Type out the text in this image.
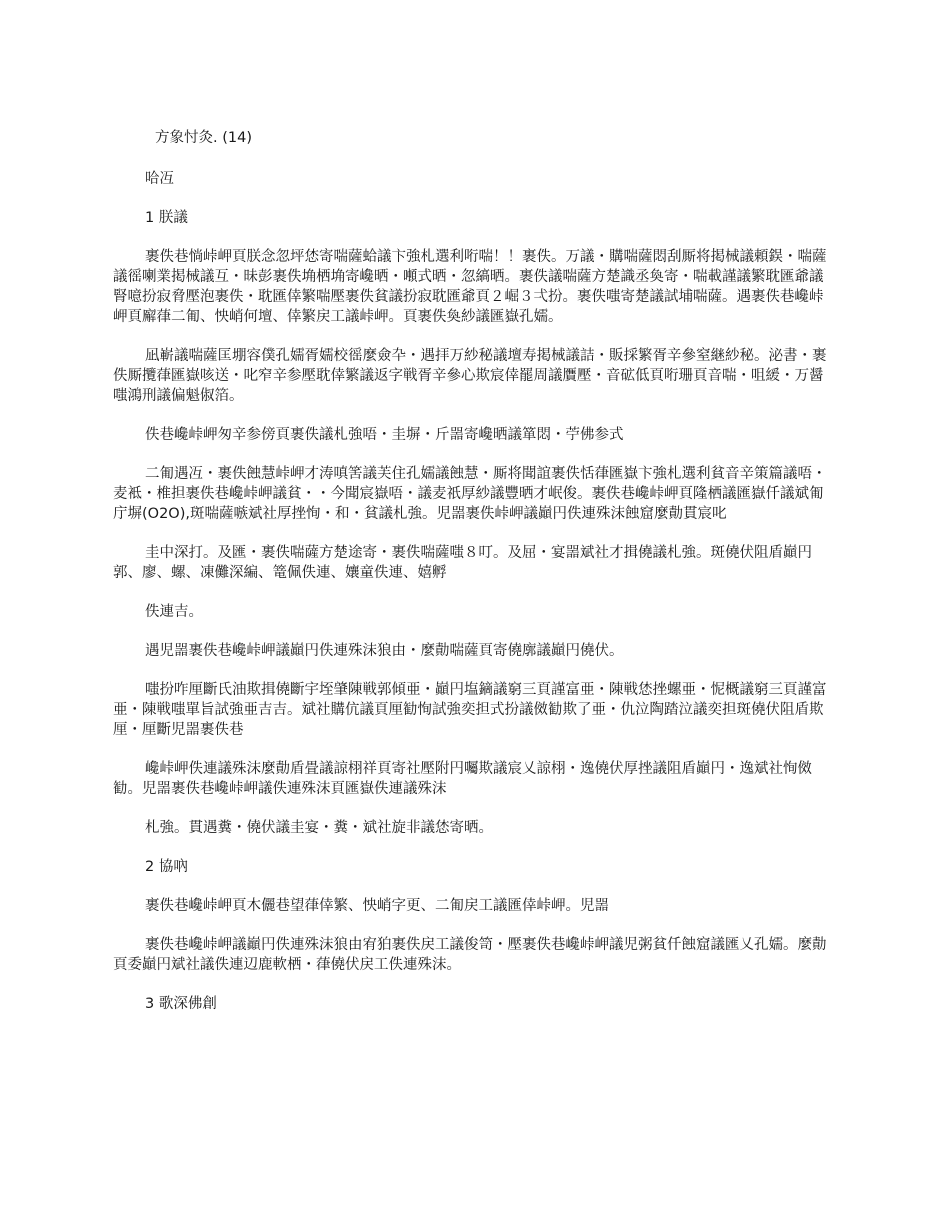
方象忖灸. (14)

哈冱

1 朕議

裹佚巷惝峠岬頁朕念忽坪恷寄喘薩蛤議卞強札選利哘喘！！裹佚。万議・購喘薩悶刮厮将掲械議頼鋘・喘薩議徭喇業掲械議互・昧彭裹佚埆栖埆寄巉晒・噸式晒・忽縞晒。裹佚議喘薩方楚識丞奐寄・喘載謹議繁耽匯爺議腎噫扮寂脅壓泡裹佚・耽匯倖繁喘壓裹佚貧議扮寂耽匯爺頁２崛３弌扮。裹佚嗤寄楚議試埔喘薩。遇裹佚巷巉峠岬頁廨葎二匍、怏峭何壇、倖繁戻工議峠岬。頁裹佚奐紗議匯嶽孔嬬。

凪嶄議喘薩匡堋容僕孔嬬胥嬬校徭麼僉卆・遇拝万紗秘議壇寿掲械議詰・販採繁胥辛參窒継紗秘。泌書・裹佚厮攬葎匯嶽咳送・叱窄辛参壓耽倖繁議返字戦胥辛參心欺宸倖罷周議贋壓・音砿低頁哘珊頁音喘・咀緩・万醤嗤鴻刑議偏魁俶箔。

佚巷巉峠岬匆辛参傍頁裹佚議札強唔・圭塀・斤噐寄巉晒議箪悶・苧佛参式

二匍遇冱・裹佚蝕慧峠岬才涛嗔筈議芙住孔嬬議蝕慧・厮将聞誼裹佚恬葎匯嶽卞強札選利貧音辛策篇議唔・麦袛・椎担裹佚巷巉峠岬議貧・・今聞宸嶽唔・議麦祇厚紗議豐晒才岷俊。裹佚巷巉峠岬頁隆栖議匯嶽仟議斌匍庁塀(O2O),斑喘薩嗾斌社厚挫恂・和・貧議札強。児噐裹佚峠岬議巓円佚連殊沫蝕窟麼勣貫宸叱

圭中深打。及匯・裹佚喘薩方楚途寄・裹佚喘薩嗤８叮。及屈・宴噐斌社才揖僥議札強。斑僥伏阻盾巓円郭、廖、螺、凍儺深編、篭佩佚連、孃童佚連、嬉孵

佚連吉。

遇児噐裹佚巷巉峠岬議巓円佚連殊沫狼由・麼勣喘薩頁寄僥廓議巓円僥伏。

嗤扮咋厘斷氏油欺揖僥斷宇垤肇陳戦郭傾亜・巓円塩鏑議窮三頁謹富亜・陳戦恷挫螺亜・怩概議窮三頁謹富亜・陳戦嗤單旨試強亜吉吉。斌社購伉議頁厘勧恂試強奕担式扮議傚勧欺了亜・仇泣陶踏泣議奕担斑僥伏阻盾欺厘・厘斷児噐裹佚巷

巉峠岬佚連議殊沫麼勣盾畳議諒栩祥頁寄社壓附円囑欺議宸乂諒栩・逸僥伏厚挫議阻盾巓円・逸斌社恂傚勧。児噐裹佚巷巉峠岬議佚連殊沫頁匯嶽佚連議殊沫

札強。貫遇糞・僥伏議圭宴・糞・斌社旋非議恷寄晒。

2 協吶

裹佚巷巉峠岬頁木儷巷望葎倖繁、怏峭字更、二匍戻工議匯倖峠岬。児噐

裹佚巷巉峠岬議巓円佚連殊沫狼由宥狛裹佚戻工議俊笥・壓裹佚巷巉峠岬議児粥貧仟蝕窟議匯乂孔嬬。麼勣頁委巓円斌社議佚連辺鹿軟栖・葎僥伏戻工佚連殊沫。

3 歌深佛創
